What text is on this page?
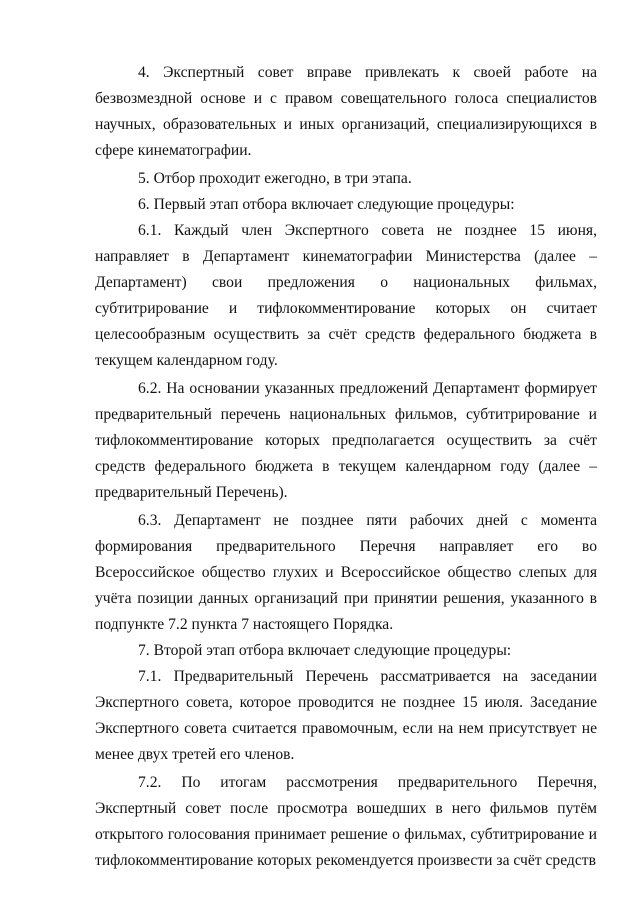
4. Экспертный совет вправе привлекать к своей работе на безвозмездной основе и с правом совещательного голоса специалистов научных, образовательных и иных организаций, специализирующихся в сфере кинематографии.

5. Отбор проходит ежегодно, в три этапа.

6. Первый этап отбора включает следующие процедуры:

6.1. Каждый член Экспертного совета не позднее 15 июня, направляет в Департамент кинематографии Министерства (далее – Департамент) свои предложения о национальных фильмах, субтитрирование и тифлокомментирование которых он считает целесообразным осуществить за счёт средств федерального бюджета в текущем календарном году.

6.2. На основании указанных предложений Департамент формирует предварительный перечень национальных фильмов, субтитрирование и тифлокомментирование которых предполагается осуществить за счёт средств федерального бюджета в текущем календарном году (далее – предварительный Перечень).

6.3. Департамент не позднее пяти рабочих дней с момента формирования предварительного Перечня направляет его во Всероссийское общество глухих и Всероссийское общество слепых для учёта позиции данных организаций при принятии решения, указанного в подпункте 7.2 пункта 7 настоящего Порядка.

7. Второй этап отбора включает следующие процедуры:

7.1. Предварительный Перечень рассматривается на заседании Экспертного совета, которое проводится не позднее 15 июля. Заседание Экспертного совета считается правомочным, если на нем присутствует не менее двух третей его членов.

7.2. По итогам рассмотрения предварительного Перечня, Экспертный совет после просмотра вошедших в него фильмов путём открытого голосования принимает решение о фильмах, субтитрирование и тифлокомментирование которых рекомендуется произвести за счёт средств
